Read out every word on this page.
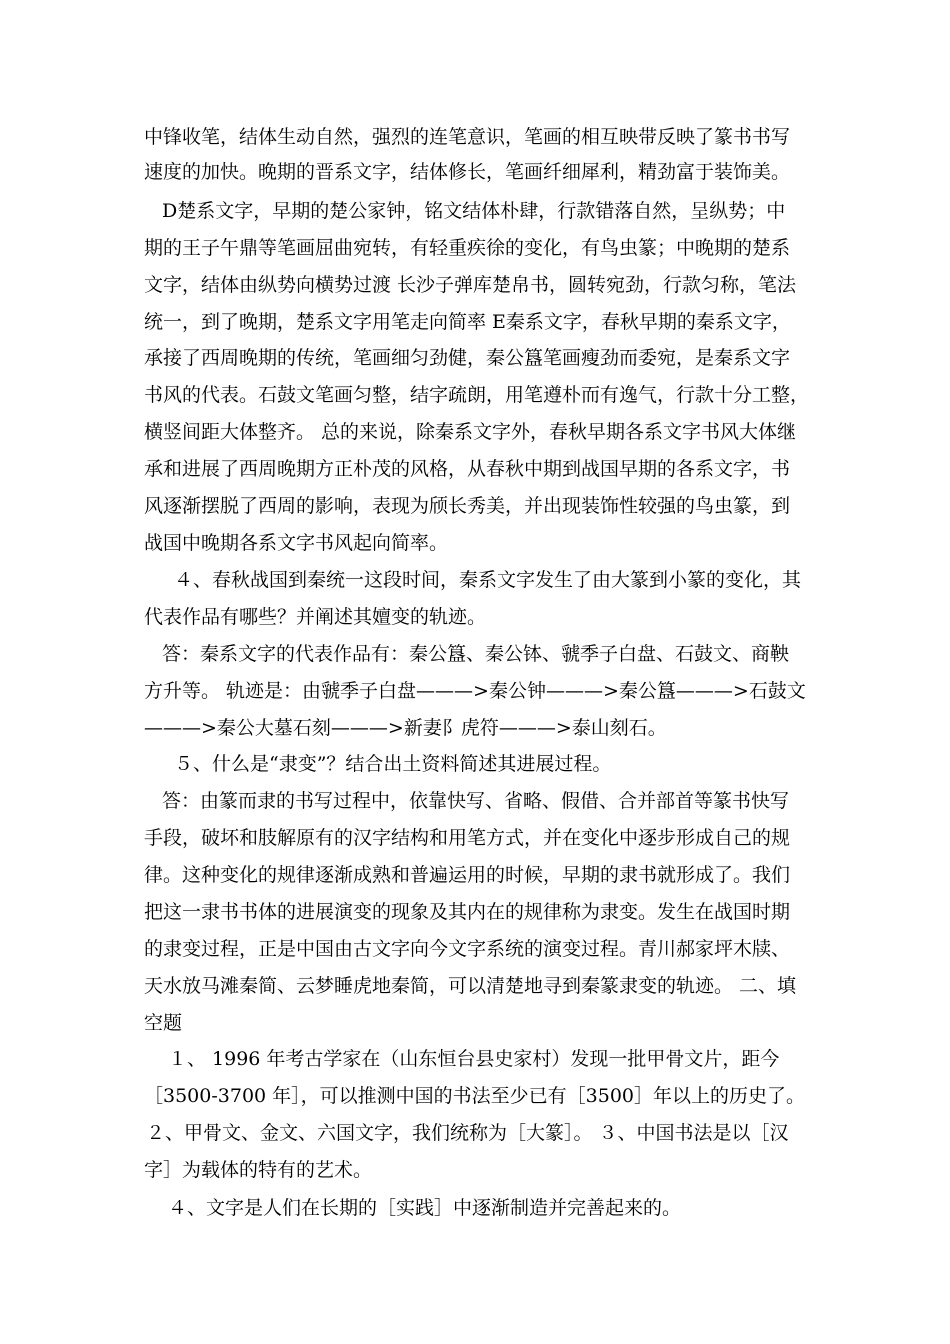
中锋收笔，结体生动自然，强烈的连笔意识，笔画的相互映带反映了篆书书写
速度的加快。晚期的晋系文字，结体修长，笔画纤细犀利，精劲富于装饰美。
D楚系文字，早期的楚公家钟，铭文结体朴肆，行款错落自然，呈纵势；中
期的王子午鼎等笔画屈曲宛转，有轻重疾徐的变化，有鸟虫篆；中晚期的楚系
文字，结体由纵势向横势过渡 长沙子弹库楚帛书，圆转宛劲，行款匀称，笔法
统一，到了晚期，楚系文字用笔走向简率 E秦系文字，春秋早期的秦系文字，
承接了西周晚期的传统，笔画细匀劲健，秦公簋笔画瘦劲而委宛，是秦系文字
书风的代表。石鼓文笔画匀整，结字疏朗，用笔遵朴而有逸气，行款十分工整，
横竖间距大体整齐。 总的来说，除秦系文字外，春秋早期各系文字书风大体继
承和进展了西周晚期方正朴茂的风格，从春秋中期到战国早期的各系文字，书
风逐渐摆脱了西周的影响，表现为颀长秀美，并出现装饰性较强的鸟虫篆，到
战国中晚期各系文字书风起向简率。
４、春秋战国到秦统一这段时间，秦系文字发生了由大篆到小篆的变化，其
代表作品有哪些？并阐述其嬗变的轨迹。
答：秦系文字的代表作品有：秦公簋、秦公钵、虢季子白盘、石鼓文、商鞅
方升等。 轨迹是：由虢季子白盘———>秦公钟———>秦公簋———>石鼓文
———>秦公大墓石刻———>新妻阝虎符———>泰山刻石。
５、什么是“隶变”？结合出土资料简述其进展过程。
答：由篆而隶的书写过程中，依靠快写、省略、假借、合并部首等篆书快写
手段，破坏和肢解原有的汉字结构和用笔方式，并在变化中逐步形成自己的规
律。这种变化的规律逐渐成熟和普遍运用的时候，早期的隶书就形成了。我们
把这一隶书书体的进展演变的现象及其内在的规律称为隶变。发生在战国时期
的隶变过程，正是中国由古文字向今文字系统的演变过程。青川郝家坪木牍、
天水放马滩秦简、云梦睡虎地秦简，可以清楚地寻到秦篆隶变的轨迹。 二、填
空题
１、 1996 年考古学家在（山东恒台县史家村）发现一批甲骨文片，距今
［3500-3700 年］，可以推测中国的书法至少已有［3500］年以上的历史了。
２、甲骨文、金文、六国文字，我们统称为［大篆］。 ３、中国书法是以［汉
字］为载体的特有的艺术。
４、文字是人们在长期的［实践］中逐渐制造并完善起来的。
